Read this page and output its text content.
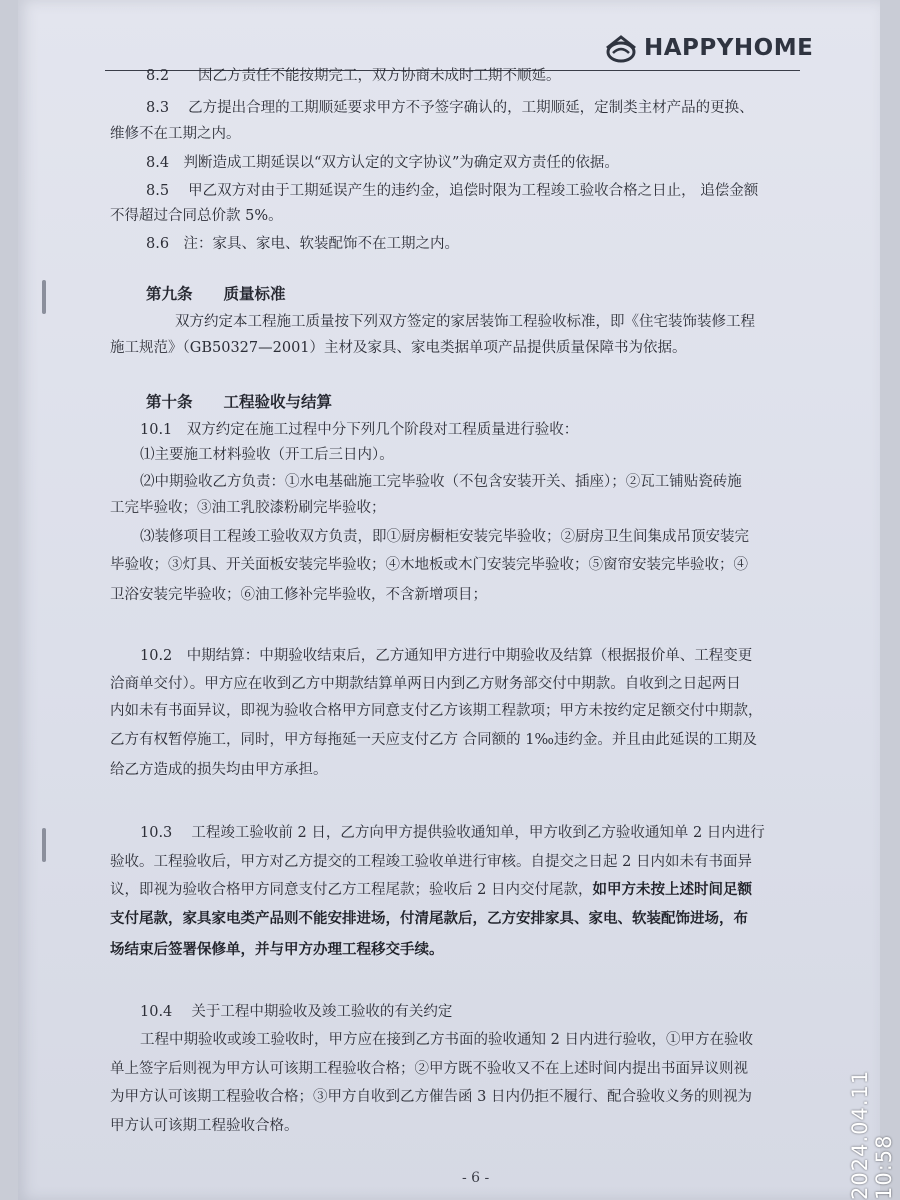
HAPPYHOME
8.2　　因乙方责任不能按期完工，双方协商未成时工期不顺延。
8.3　 乙方提出合理的工期顺延要求甲方不予签字确认的，工期顺延，定制类主材产品的更换、
维修不在工期之内。
8.4　判断造成工期延误以“双方认定的文字协议”为确定双方责任的依据。
8.5　 甲乙双方对由于工期延误产生的违约金，追偿时限为工程竣工验收合格之日止， 追偿金额
不得超过合同总价款 5%。
8.6　注：家具、家电、软装配饰不在工期之内。
第九条　　质量标准
双方约定本工程施工质量按下列双方签定的家居装饰工程验收标准，即《住宅装饰装修工程
施工规范》（GB50327—2001）主材及家具、家电类据单项产品提供质量保障书为依据。
第十条　　工程验收与结算
10.1　双方约定在施工过程中分下列几个阶段对工程质量进行验收：
⑴主要施工材料验收（开工后三日内）。
⑵中期验收乙方负责：①水电基础施工完毕验收（不包含安装开关、插座）；②瓦工铺贴瓷砖施
工完毕验收；③油工乳胶漆粉刷完毕验收；
⑶装修项目工程竣工验收双方负责，即①厨房橱柜安装完毕验收；②厨房卫生间集成吊顶安装完
毕验收；③灯具、开关面板安装完毕验收；④木地板或木门安装完毕验收；⑤窗帘安装完毕验收；④
卫浴安装完毕验收；⑥油工修补完毕验收，不含新增项目；
10.2　中期结算：中期验收结束后，乙方通知甲方进行中期验收及结算（根据报价单、工程变更
洽商单交付）。甲方应在收到乙方中期款结算单两日内到乙方财务部交付中期款。自收到之日起两日
内如未有书面异议，即视为验收合格甲方同意支付乙方该期工程款项；甲方未按约定足额交付中期款，
乙方有权暂停施工，同时，甲方每拖延一天应支付乙方 合同额的 1‰违约金。并且由此延误的工期及
给乙方造成的损失均由甲方承担。
10.3　 工程竣工验收前 2 日，乙方向甲方提供验收通知单，甲方收到乙方验收通知单 2 日内进行
验收。工程验收后，甲方对乙方提交的工程竣工验收单进行审核。自提交之日起 2 日内如未有书面异
议，即视为验收合格甲方同意支付乙方工程尾款；验收后 2 日内交付尾款，如甲方未按上述时间足额
支付尾款，家具家电类产品则不能安排进场，付清尾款后，乙方安排家具、家电、软装配饰进场，布
场结束后签署保修单，并与甲方办理工程移交手续。
10.4　 关于工程中期验收及竣工验收的有关约定
工程中期验收或竣工验收时，甲方应在接到乙方书面的验收通知 2 日内进行验收，①甲方在验收
单上签字后则视为甲方认可该期工程验收合格；②甲方既不验收又不在上述时间内提出书面异议则视
为甲方认可该期工程验收合格；③甲方自收到乙方催告函 3 日内仍拒不履行、配合验收义务的则视为
甲方认可该期工程验收合格。
- 6 -	2024.04.11 10:58
